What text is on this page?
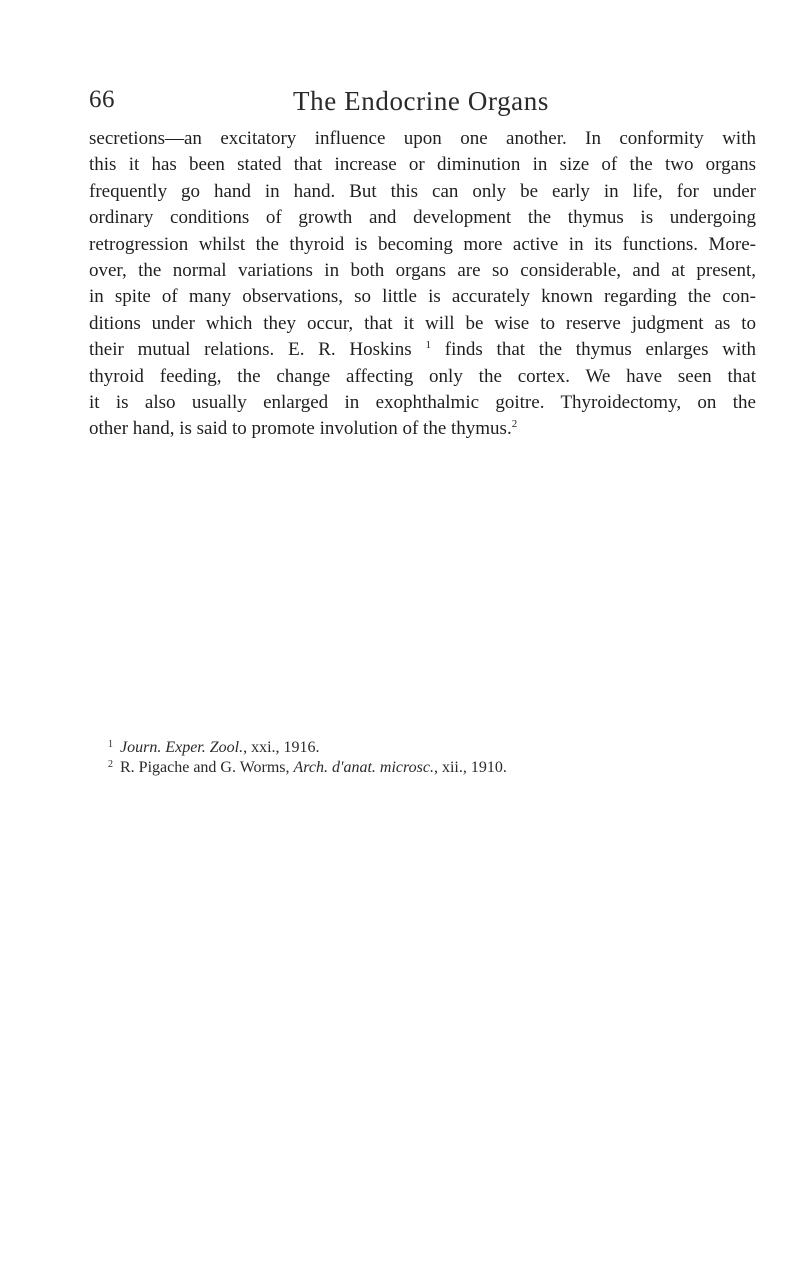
66	The Endocrine Organs
secretions—an excitatory influence upon one another. In conformity with
this it has been stated that increase or diminution in size of the two organs
frequently go hand in hand. But this can only be early in life, for under
ordinary conditions of growth and development the thymus is undergoing
retrogression whilst the thyroid is becoming more active in its functions. More-
over, the normal variations in both organs are so considerable, and at present,
in spite of many observations, so little is accurately known regarding the con-
ditions under which they occur, that it will be wise to reserve judgment as to
their mutual relations. E. R. Hoskins $^1$ finds that the thymus enlarges with
thyroid feeding, the change affecting only the cortex. We have seen that
it is also usually enlarged in exophthalmic goitre. Thyroidectomy, on the
other hand, is said to promote involution of the thymus.$^2$
$^1$ Journ. Exper. Zool., xxi., 1916.
$^2$ R. Pigache and G. Worms, Arch. d'anat. microsc., xii., 1910.
